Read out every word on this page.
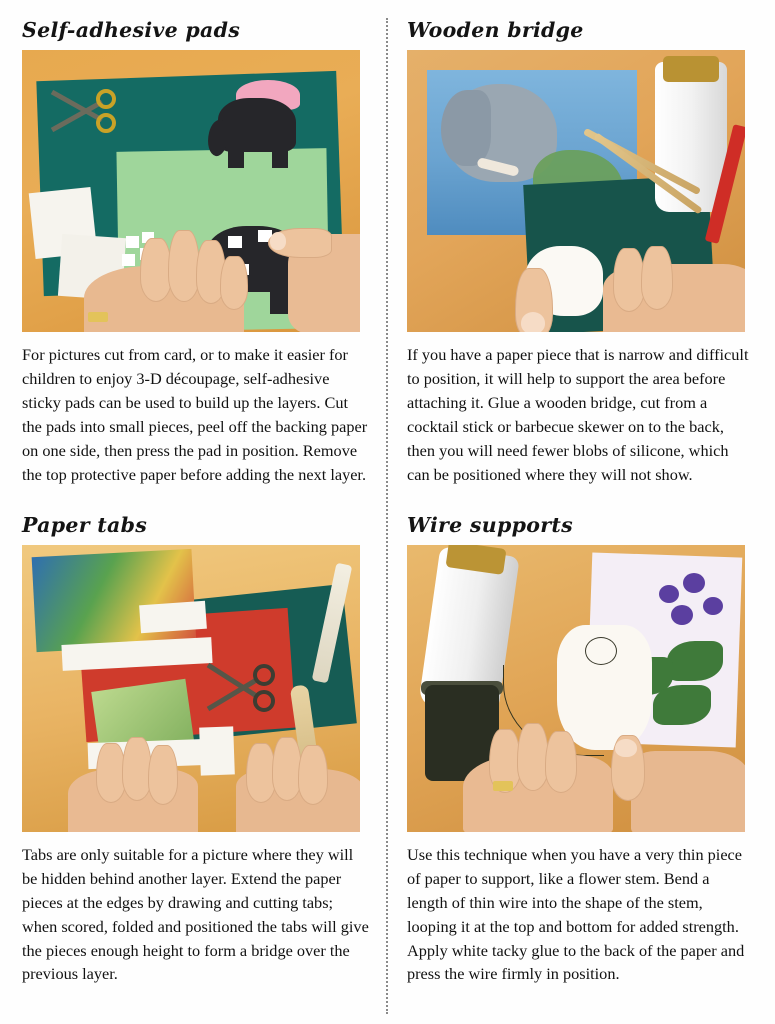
Self-adhesive pads
For pictures cut from card, or to make it easier for children to enjoy 3-D découpage, self-adhesive sticky pads can be used to build up the layers. Cut the pads into small pieces, peel off the backing paper on one side, then press the pad in position. Remove the top protective paper before adding the next layer.
Wooden bridge
If you have a paper piece that is narrow and difficult to position, it will help to support the area before attaching it. Glue a wooden bridge, cut from a cocktail stick or barbecue skewer on to the back, then you will need fewer blobs of silicone, which can be positioned where they will not show.
Paper tabs
Tabs are only suitable for a picture where they will be hidden behind another layer. Extend the paper pieces at the edges by drawing and cutting tabs; when scored, folded and positioned the tabs will give the pieces enough height to form a bridge over the previous layer.
Wire supports
Use this technique when you have a very thin piece of paper to support, like a flower stem. Bend a length of thin wire into the shape of the stem, looping it at the top and bottom for added strength. Apply white tacky glue to the back of the paper and press the wire firmly in position.
